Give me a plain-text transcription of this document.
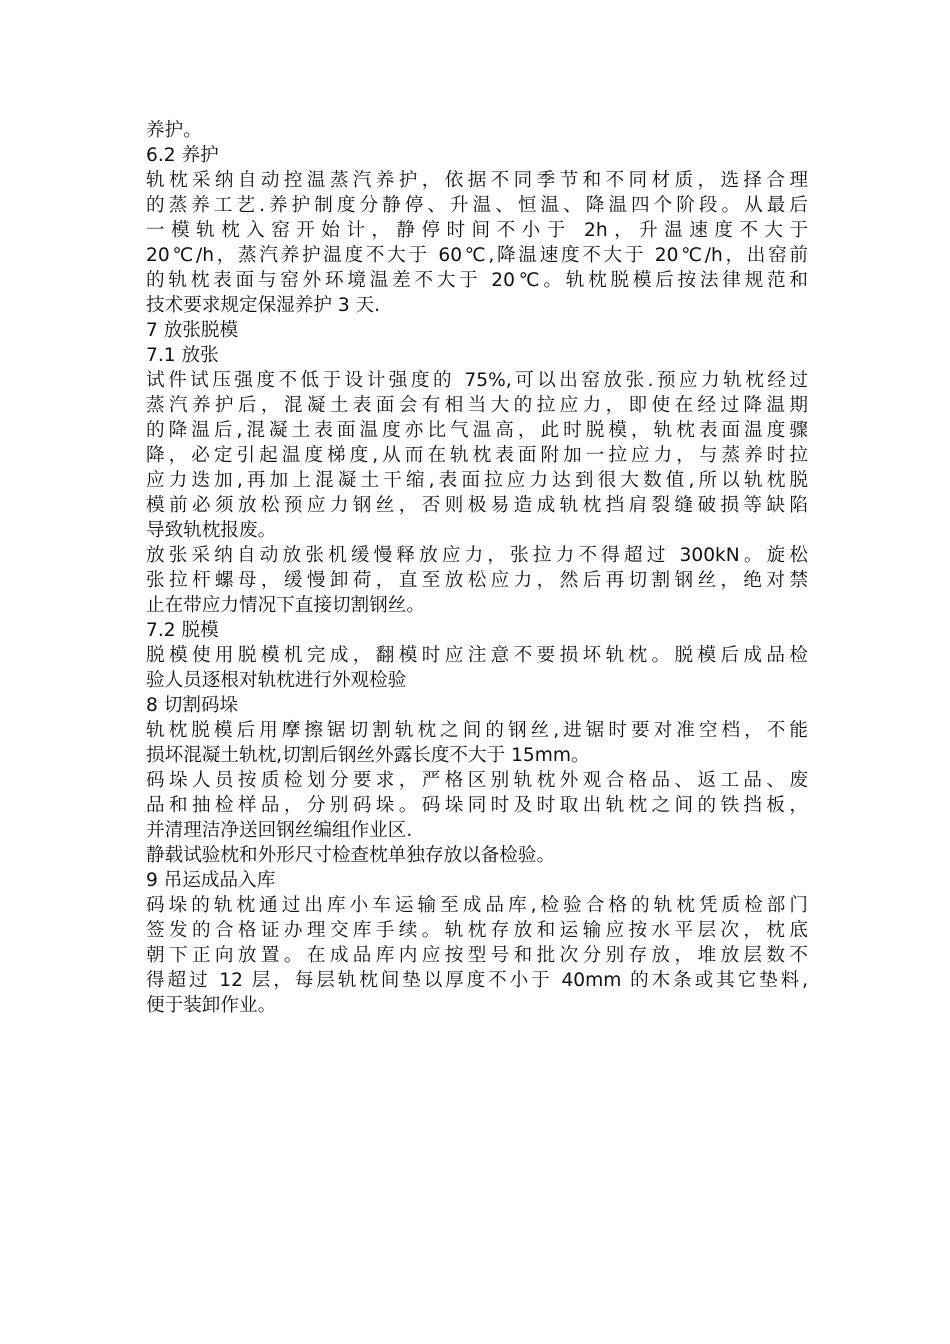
养护。
6.2 养护
轨枕采纳自动控温蒸汽养护，依据不同季节和不同材质，选择合理
的蒸养工艺.养护制度分静停、升温、恒温、降温四个阶段。从最后
一模轨枕入窑开始计，静停时间不小于 2h，升温速度不大于
20℃/h，蒸汽养护温度不大于 60℃,降温速度不大于 20℃/h，出窑前
的轨枕表面与窑外环境温差不大于 20℃。轨枕脱模后按法律规范和
技术要求规定保湿养护 3 天.
7 放张脱模
7.1 放张
试件试压强度不低于设计强度的 75%,可以出窑放张.预应力轨枕经过
蒸汽养护后，混凝土表面会有相当大的拉应力，即使在经过降温期
的降温后,混凝土表面温度亦比气温高，此时脱模，轨枕表面温度骤
降，必定引起温度梯度,从而在轨枕表面附加一拉应力，与蒸养时拉
应力迭加,再加上混凝土干缩,表面拉应力达到很大数值,所以轨枕脱
模前必须放松预应力钢丝，否则极易造成轨枕挡肩裂缝破损等缺陷
导致轨枕报废。
放张采纳自动放张机缓慢释放应力，张拉力不得超过 300kN。旋松
张拉杆螺母，缓慢卸荷，直至放松应力，然后再切割钢丝，绝对禁
止在带应力情况下直接切割钢丝。
7.2 脱模
脱模使用脱模机完成，翻模时应注意不要损坏轨枕。脱模后成品检
验人员逐根对轨枕进行外观检验
8 切割码垛
轨枕脱模后用摩擦锯切割轨枕之间的钢丝,进锯时要对准空档，不能
损坏混凝土轨枕,切割后钢丝外露长度不大于 15mm。
码垛人员按质检划分要求，严格区别轨枕外观合格品、返工品、废
品和抽检样品，分别码垛。码垛同时及时取出轨枕之间的铁挡板，
并清理洁净送回钢丝编组作业区.
静载试验枕和外形尺寸检查枕单独存放以备检验。
9 吊运成品入库
码垛的轨枕通过出库小车运输至成品库,检验合格的轨枕凭质检部门
签发的合格证办理交库手续。轨枕存放和运输应按水平层次，枕底
朝下正向放置。在成品库内应按型号和批次分别存放，堆放层数不
得超过 12 层，每层轨枕间垫以厚度不小于 40mm 的木条或其它垫料,
便于装卸作业。
